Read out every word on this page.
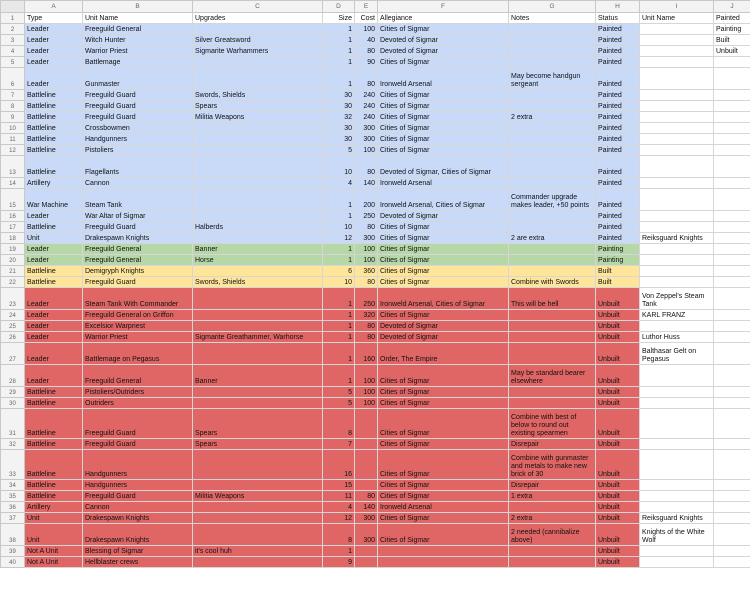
	A	B	C	D	E	F	G	H	I	J
1	Type	Unit Name	Upgrades	Size	Cost	Allegiance	Notes	Status	Unit Name	Painted
2	Leader	Freeguild General		1	100	Cities of Sigmar		Painted		Painting
3	Leader	Witch Hunter	Silver Greatsword	1	40	Devoted of Sigmar		Painted		Built
4	Leader	Warrior Priest	Sigmarite Warhammers	1	80	Devoted of Sigmar		Painted		Unbuilt
5	Leader	Battlemage		1	90	Cities of Sigmar		Painted		
6	Leader	Gunmaster		1	80	Ironweld Arsenal	May become handgun sergeant	Painted		
7	Battleline	Freeguild Guard	Swords, Shields	30	240	Cities of Sigmar		Painted		
8	Battleline	Freeguild Guard	Spears	30	240	Cities of Sigmar		Painted		
9	Battleline	Freeguild Guard	Militia Weapons	32	240	Cities of Sigmar	2 extra	Painted		
10	Battleline	Crossbowmen		30	300	Cities of Sigmar		Painted		
11	Battleline	Handgunners		30	300	Cities of Sigmar		Painted		
12	Battleline	Pistoliers		5	100	Cities of Sigmar		Painted		
13	Battleline	Flagellants		10	80	Devoted of Sigmar, Cities of Sigmar		Painted		
14	Artillery	Cannon		4	140	Ironweld Arsenal		Painted		
15	War Machine	Steam Tank		1	200	Ironweld Arsenal, Cities of Sigmar	Commander upgrade makes leader, +50 points	Painted		
16	Leader	War Altar of Sigmar		1	250	Devoted of Sigmar		Painted		
17	Battleline	Freeguild Guard	Halberds	10	80	Cities of Sigmar		Painted		
18	Unit	Drakespawn Knights		12	300	Cities of Sigmar	2 are extra	Painted	Reiksguard Knights	
19	Leader	Freeguild General	Banner	1	100	Cities of Sigmar		Painting		
20	Leader	Freeguild General	Horse	1	100	Cities of Sigmar		Painting		
21	Battleline	Demigryph Knights		6	360	Cities of Sigmar		Built		
22	Battleline	Freeguild Guard	Swords, Shields	10	80	Cities of Sigmar	Combine with Swords	Built		
23	Leader	Steam Tank With Commander		1	250	Ironweld Arsenal, Cities of Sigmar	This will be hell	Unbuilt	Von Zeppel's Steam Tank	
24	Leader	Freeguild General on Griffon		1	320	Cities of Sigmar		Unbuilt	KARL FRANZ	
25	Leader	Excelsior Warpriest		1	80	Devoted of Sigmar		Unbuilt		
26	Leader	Warrior Priest	Sigmarite Greathammer, Warhorse	1	80	Devoted of Sigmar		Unbuilt	Luthor Huss	
27	Leader	Battlemage on Pegasus		1	160	Order, The Empire		Unbuilt	Balthasar Gelt on Pegasus	
28	Leader	Freeguild General	Banner	1	100	Cities of Sigmar	May be standard bearer elsewhere	Unbuilt		
29	Battleline	Pistoliers/Outriders		5	100	Cities of Sigmar		Unbuilt		
30	Battleline	Outriders		5	100	Cities of Sigmar		Unbuilt		
31	Battleline	Freeguild Guard	Spears	8		Cities of Sigmar	Combine with best of below to round out existing spearmen	Unbuilt		
32	Battleline	Freeguild Guard	Spears	7		Cities of Sigmar	Disrepair	Unbuilt		
33	Battleline	Handgunners		16		Cities of Sigmar	Combine with gunmaster and metals to make new brick of 30	Unbuilt		
34	Battleline	Handgunners		15		Cities of Sigmar	Disrepair	Unbuilt		
35	Battleline	Freeguild Guard	Militia Weapons	11	80	Cities of Sigmar	1 extra	Unbuilt		
36	Artillery	Cannon		4	140	Ironweld Arsenal		Unbuilt		
37	Unit	Drakespawn Knights		12	300	Cities of Sigmar	2 extra	Unbuilt	Reiksguard Knights	
38	Unit	Drakespawn Knights		8	300	Cities of Sigmar	2 needed (cannibalize above)	Unbuilt	Knights of the White Wolf	
39	Not A Unit	Blessing of Sigmar	it's cool huh	1				Unbuilt		
40	Not A Unit	Hellblaster crews		9				Unbuilt		
